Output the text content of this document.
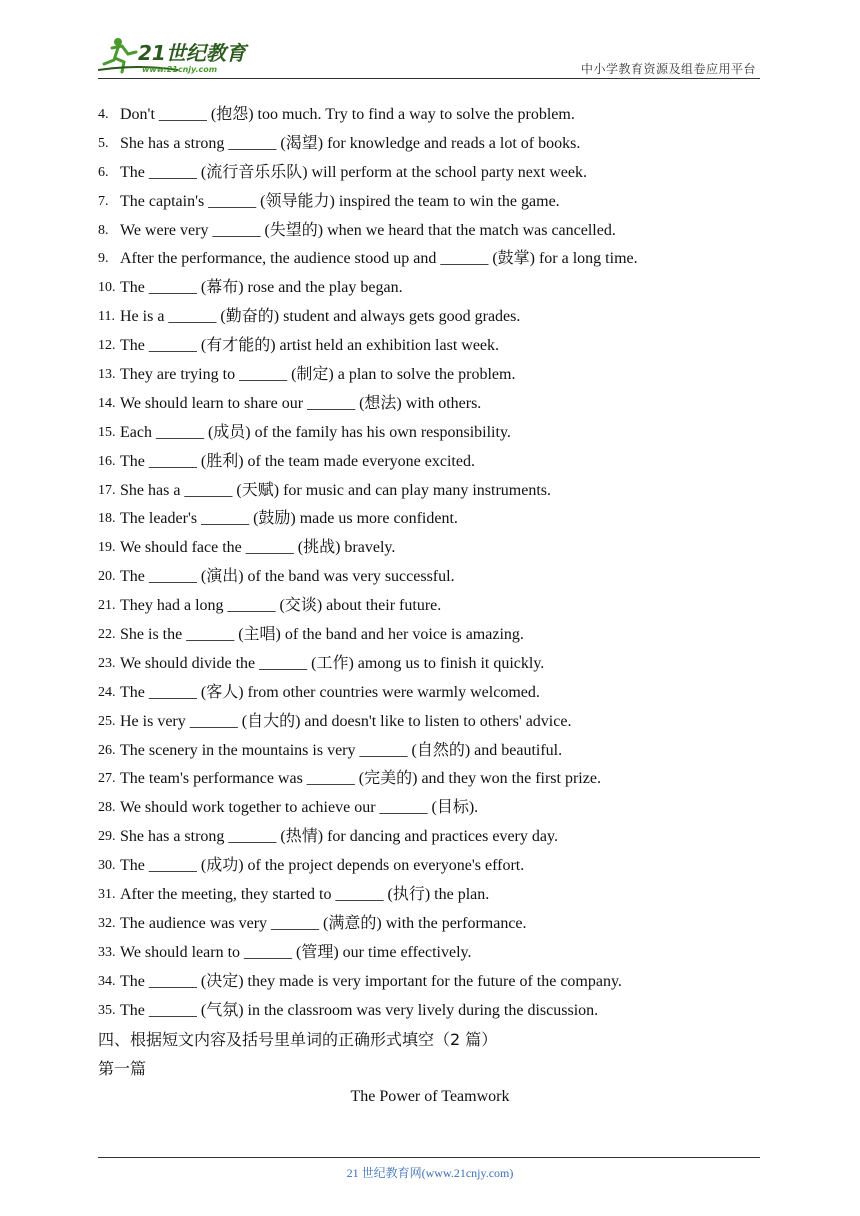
21世纪教育
www.21cnjy.com	中小学教育资源及组卷应用平台
4. Don't ______ (抱怨) too much. Try to find a way to solve the problem.
5. She has a strong ______ (渴望) for knowledge and reads a lot of books.
6. The ______ (流行音乐乐队) will perform at the school party next week.
7. The captain's ______ (领导能力) inspired the team to win the game.
8. We were very ______ (失望的) when we heard that the match was cancelled.
9. After the performance, the audience stood up and ______ (鼓掌) for a long time.
10. The ______ (幕布) rose and the play began.
11. He is a ______ (勤奋的) student and always gets good grades.
12. The ______ (有才能的) artist held an exhibition last week.
13. They are trying to ______ (制定) a plan to solve the problem.
14. We should learn to share our ______ (想法) with others.
15. Each ______ (成员) of the family has his own responsibility.
16. The ______ (胜利) of the team made everyone excited.
17. She has a ______ (天赋) for music and can play many instruments.
18. The leader's ______ (鼓励) made us more confident.
19. We should face the ______ (挑战) bravely.
20. The ______ (演出) of the band was very successful.
21. They had a long ______ (交谈) about their future.
22. She is the ______ (主唱) of the band and her voice is amazing.
23. We should divide the ______ (工作) among us to finish it quickly.
24. The ______ (客人) from other countries were warmly welcomed.
25. He is very ______ (自大的) and doesn't like to listen to others' advice.
26. The scenery in the mountains is very ______ (自然的) and beautiful.
27. The team's performance was ______ (完美的) and they won the first prize.
28. We should work together to achieve our ______ (目标).
29. She has a strong ______ (热情) for dancing and practices every day.
30. The ______ (成功) of the project depends on everyone's effort.
31. After the meeting, they started to ______ (执行) the plan.
32. The audience was very ______ (满意的) with the performance.
33. We should learn to ______ (管理) our time effectively.
34. The ______ (决定) they made is very important for the future of the company.
35. The ______ (气氛) in the classroom was very lively during the discussion.
四、根据短文内容及括号里单词的正确形式填空（2 篇）
第一篇
The Power of Teamwork
21 世纪教育网(www.21cnjy.com)
